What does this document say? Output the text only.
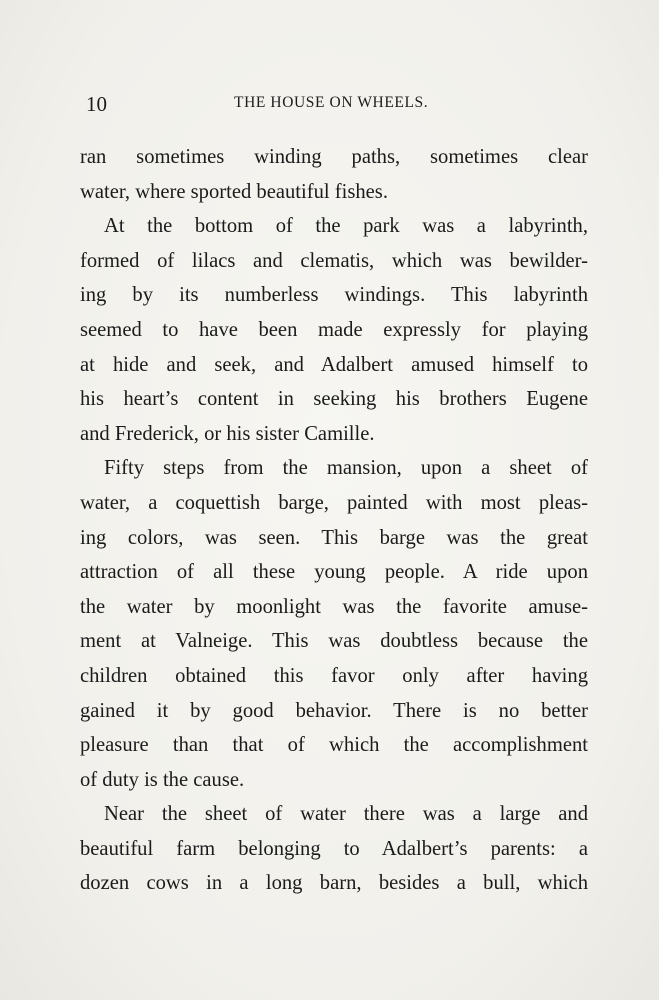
10	THE HOUSE ON WHEELS.
ran sometimes winding paths, sometimes clear
water, where sported beautiful fishes.
At the bottom of the park was a labyrinth,
formed of lilacs and clematis, which was bewilder-
ing by its numberless windings. This labyrinth
seemed to have been made expressly for playing
at hide and seek, and Adalbert amused himself to
his heart’s content in seeking his brothers Eugene
and Frederick, or his sister Camille.
Fifty steps from the mansion, upon a sheet of
water, a coquettish barge, painted with most pleas-
ing colors, was seen. This barge was the great
attraction of all these young people. A ride upon
the water by moonlight was the favorite amuse-
ment at Valneige. This was doubtless because the
children obtained this favor only after having
gained it by good behavior. There is no better
pleasure than that of which the accomplishment
of duty is the cause.
Near the sheet of water there was a large and
beautiful farm belonging to Adalbert’s parents: a
dozen cows in a long barn, besides a bull, which
